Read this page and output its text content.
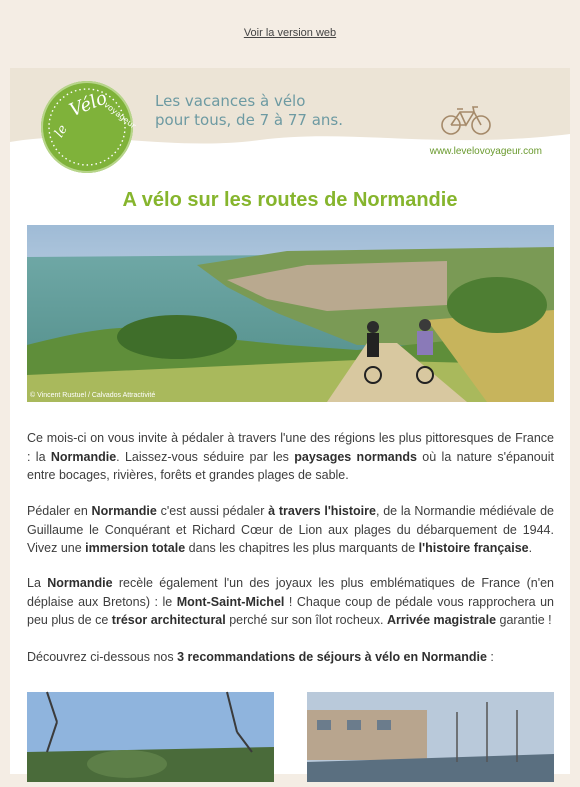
Voir la version web
le
Vélo
voyageur Les vacances à vélo
pour tous, de 7 à 77 ans.
www.levelovoyageur.com
A vélo sur les routes de Normandie
© Vincent Rustuel / Calvados Attractivité
Ce mois-ci on vous invite à pédaler à travers l'une des régions les plus pittoresques de France : la Normandie. Laissez-vous séduire par les paysages normands où la nature s'épanouit entre bocages, rivières, forêts et grandes plages de sable.
Pédaler en Normandie c'est aussi pédaler à travers l'histoire, de la Normandie médiévale de Guillaume le Conquérant et Richard Cœur de Lion aux plages du débarquement de 1944. Vivez une immersion totale dans les chapitres les plus marquants de l'histoire française.
La Normandie recèle également l'un des joyaux les plus emblématiques de France (n'en déplaise aux Bretons) : le Mont-Saint-Michel ! Chaque coup de pédale vous rapprochera un peu plus de ce trésor architectural perché sur son îlot rocheux. Arrivée magistrale garantie !
Découvrez ci-dessous nos 3 recommandations de séjours à vélo en Normandie :
